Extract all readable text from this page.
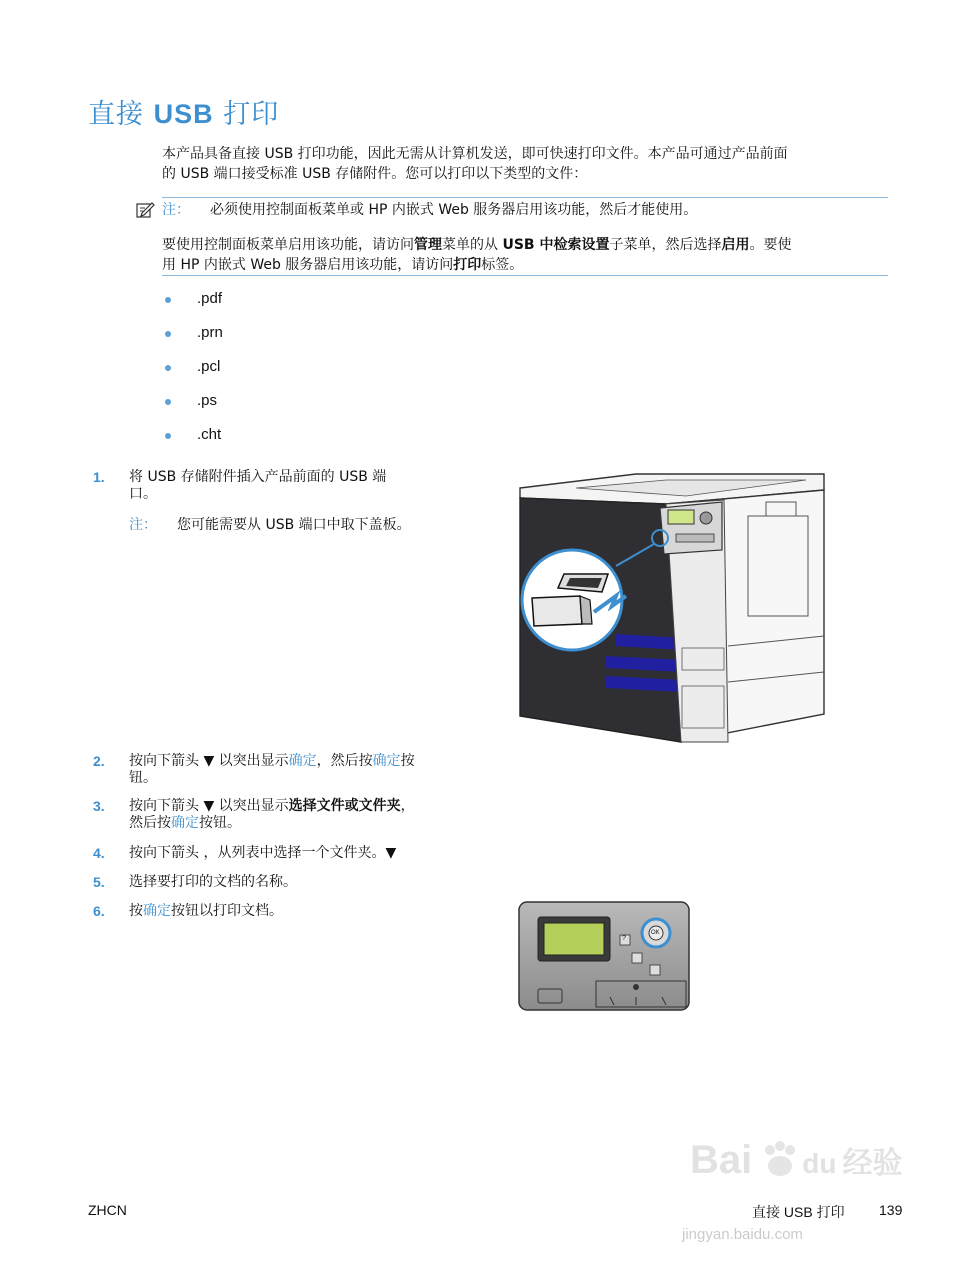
直接 USB 打印
本产品具备直接 USB 打印功能，因此无需从计算机发送，即可快速打印文件。本产品可通过产品前面
的 USB 端口接受标准 USB 存储附件。您可以打印以下类型的文件：
注： 必须使用控制面板菜单或 HP 内嵌式 Web 服务器启用该功能，然后才能使用。
要使用控制面板菜单启用该功能，请访问管理菜单的从 USB 中检索设置子菜单，然后选择启用。要使
用 HP 内嵌式 Web 服务器启用该功能，请访问打印标签。
.pdf
.prn
.pcl
.ps
.cht
1. 将 USB 存储附件插入产品前面的 USB 端
口。
注： 您可能需要从 USB 端口中取下盖板。
2. 按向下箭头 ▼ 以突出显示确定，然后按确定按
钮。
3. 按向下箭头 ▼ 以突出显示选择文件或文件夹，
然后按确定按钮。
4. 按向下箭头 ，从列表中选择一个文件夹。▼
5. 选择要打印的文档的名称。
6. 按确定按钮以打印文档。
?
OK
ZHCN	直接 USB 打印 139
Bai du 经验
jingyan.baidu.com
